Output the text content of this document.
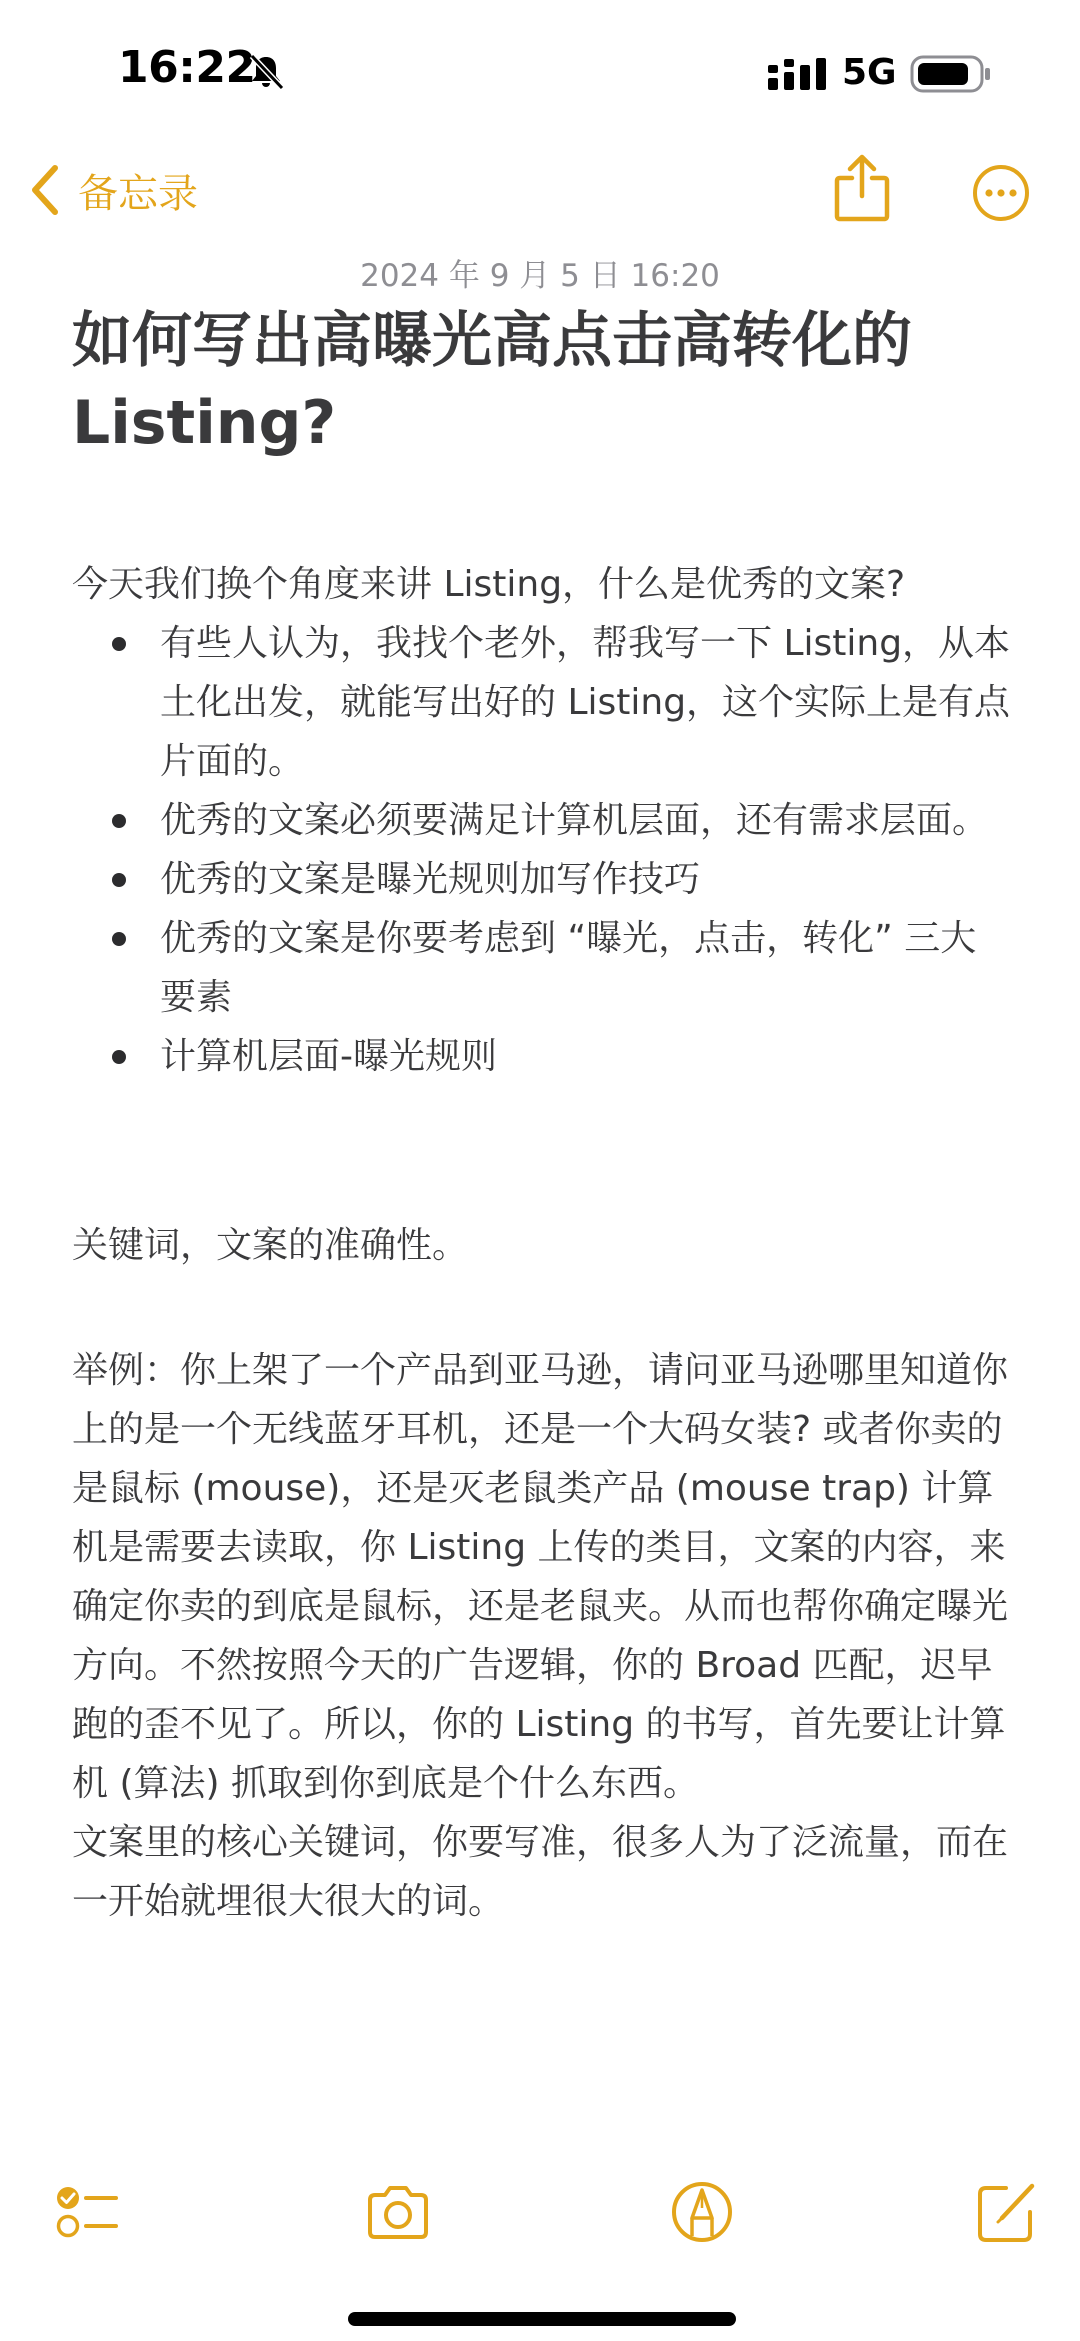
16:22	5G
备忘录
2024 年 9 月 5 日 16:20
如何写出高曝光高点击高转化的 Listing?

今天我们换个角度来讲 Listing，什么是优秀的文案?

有些人认为，我找个老外，帮我写一下 Listing，从本土化出发，就能写出好的 Listing，这个实际上是有点片面的。
优秀的文案必须要满足计算机层面，还有需求层面。
优秀的文案是曝光规则加写作技巧
优秀的文案是你要考虑到 “曝光，点击，转化” 三大要素
计算机层面-曝光规则

关键词，文案的准确性。

举例：你上架了一个产品到亚马逊，请问亚马逊哪里知道你上的是一个无线蓝牙耳机，还是一个大码女装? 或者你卖的是鼠标 (mouse)，还是灭老鼠类产品 (mouse trap) 计算机是需要去读取，你 Listing 上传的类目，文案的内容，来确定你卖的到底是鼠标，还是老鼠夹。从而也帮你确定曝光方向。不然按照今天的广告逻辑，你的 Broad 匹配，迟早跑的歪不见了。所以，你的 Listing 的书写，首先要让计算机 (算法) 抓取到你到底是个什么东西。

文案里的核心关键词，你要写准，很多人为了泛流量，而在一开始就埋很大很大的词。
